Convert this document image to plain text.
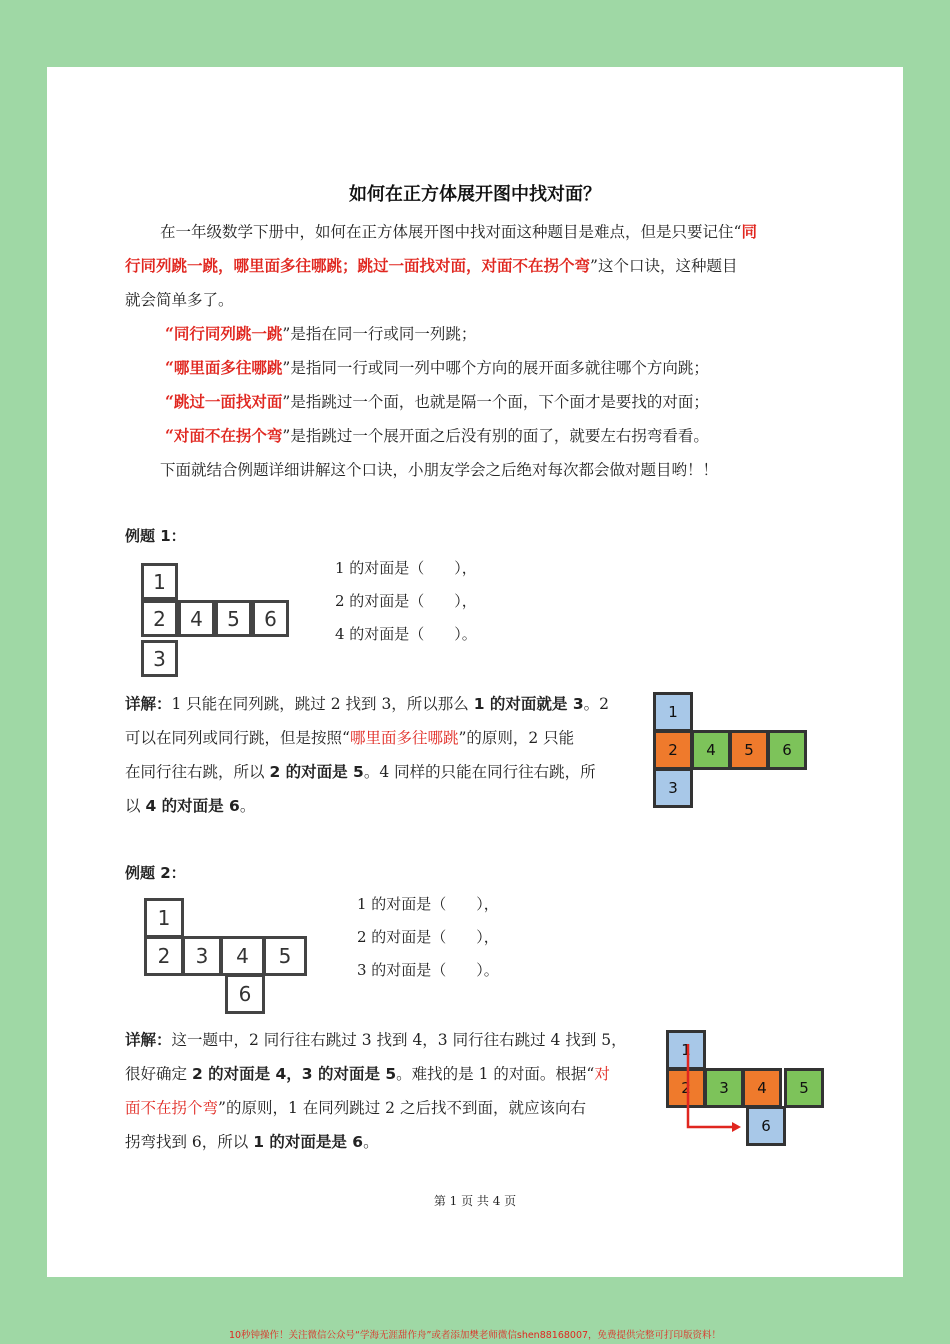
如何在正方体展开图中找对面？
在一年级数学下册中，如何在正方体展开图中找对面这种题目是难点，但是只要记住“同
行同列跳一跳，哪里面多往哪跳；跳过一面找对面，对面不在拐个弯”这个口诀，这种题目
就会简单多了。
“同行同列跳一跳”是指在同一行或同一列跳；
“哪里面多往哪跳”是指同一行或同一列中哪个方向的展开面多就往哪个方向跳；
“跳过一面找对面”是指跳过一个面，也就是隔一个面，下个面才是要找的对面；
“对面不在拐个弯”是指跳过一个展开面之后没有别的面了，就要左右拐弯看看。
下面就结合例题详细讲解这个口诀，小朋友学会之后绝对每次都会做对题目哟！！
例题 1：
1
2	4	5	6
3
1 的对面是（　　），
2 的对面是（　　），
4 的对面是（　　）。
详解：1 只能在同列跳，跳过 2 找到 3，所以那么 1 的对面就是 3。2
可以在同列或同行跳，但是按照“哪里面多往哪跳”的原则，2 只能
在同行往右跳，所以 2 的对面是 5。4 同样的只能在同行往右跳，所
以 4 的对面是 6。
1
2	4	5	6
3
例题 2：
1
2	3	4	5
6
1 的对面是（　　），
2 的对面是（　　），
3 的对面是（　　）。
详解：这一题中，2 同行往右跳过 3 找到 4，3 同行往右跳过 4 找到 5，
很好确定 2 的对面是 4，3 的对面是 5。难找的是 1 的对面。根据“对
面不在拐个弯”的原则，1 在同列跳过 2 之后找不到面，就应该向右
拐弯找到 6，所以 1 的对面是是 6。
1
2	3	4	5
6
第 1 页 共 4 页
10秒钟操作！关注微信公众号“学海无涯甜作舟”或者添加樊老师微信shen88168007，免费提供完整可打印版资料！
